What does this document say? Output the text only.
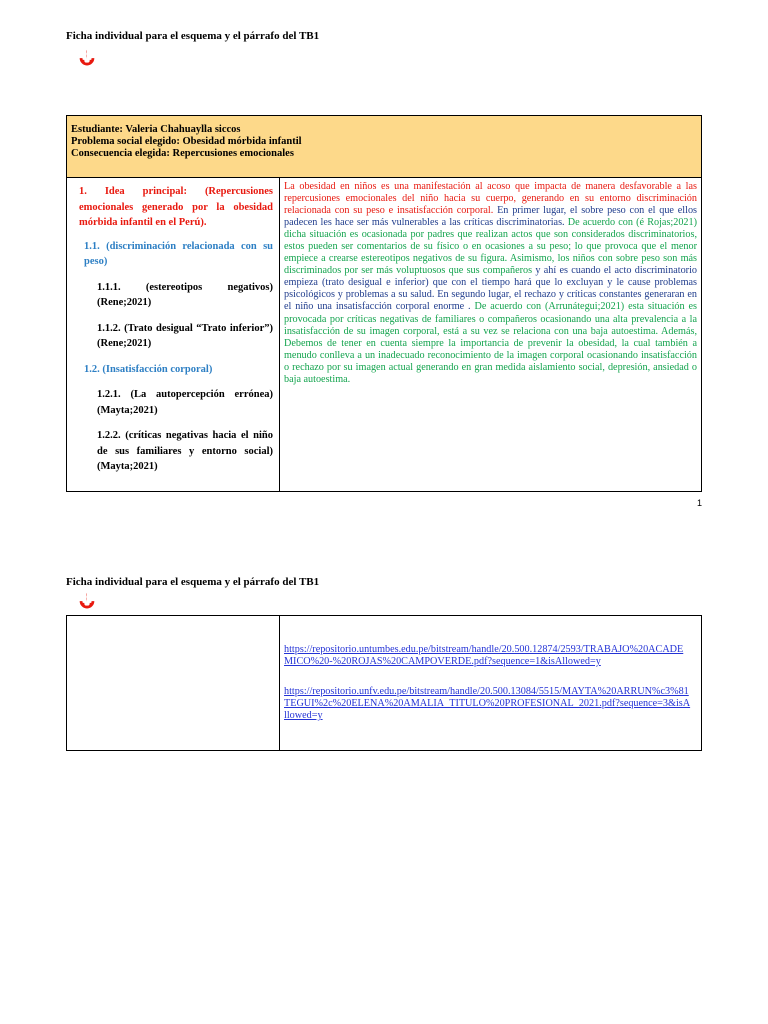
Ficha individual para el esquema y el párrafo del TB1
Estudiante: Valeria Chahuaylla siccos
Problema social elegido: Obesidad mórbida infantil
Consecuencia elegida: Repercusiones emocionales
1. Idea principal: (Repercusiones emocionales generado por la obesidad mórbida infantil en el Perú).
1.1. (discriminación relacionada con su peso)
1.1.1. (estereotipos negativos) (Rene;2021)
1.1.2. (Trato desigual “Trato inferior”) (Rene;2021)
1.2. (Insatisfacción corporal)
1.2.1. (La autopercepción errónea) (Mayta;2021)
1.2.2. (críticas negativas hacia el niño de sus familiares y entorno social) (Mayta;2021)
La obesidad en niños es una manifestación al acoso que impacta de manera desfavorable a las repercusiones emocionales del niño hacia su cuerpo, generando en su entorno discriminación relacionada con su peso e insatisfacción corporal. En primer lugar, el sobre peso con el que ellos padecen les hace ser más vulnerables a las críticas discriminatorias. De acuerdo con (é Rojas;2021) dicha situación es ocasionada por padres que realizan actos que son considerados discriminatorios, estos pueden ser comentarios de su físico o en ocasiones a su peso; lo que provoca que el menor empiece a crearse estereotipos negativos de su figura. Asimismo, los niños con sobre peso son más discriminados por ser más voluptuosos que sus compañeros y ahí es cuando el acto discriminatorio empieza (trato desigual e inferior) que con el tiempo hará que lo excluyan y le cause problemas psicológicos y problemas a su salud. En segundo lugar, el rechazo y críticas constantes generaran en el niño una insatisfacción corporal enorme . De acuerdo con (Arrunátegui;2021) esta situación es provocada por críticas negativas de familiares o compañeros ocasionando una alta prevalencia a la insatisfacción de su imagen corporal, está a su vez se relaciona con una baja autoestima. Además, Debemos de tener en cuenta siempre la importancia de prevenir la obesidad, la cual también a menudo conlleva a un inadecuado reconocimiento de la imagen corporal ocasionando insatisfacción o rechazo por su imagen actual generando en gran medida aislamiento social, depresión, ansiedad o baja autoestima.
1
Ficha individual para el esquema y el párrafo del TB1
https://repositorio.untumbes.edu.pe/bitstream/handle/20.500.12874/2593/TRABAJO%20ACADEMICO%20-%20ROJAS%20CAMPOVERDE.pdf?sequence=1&isAllowed=y
https://repositorio.unfv.edu.pe/bitstream/handle/20.500.13084/5515/MAYTA%20ARRUN%c3%81TEGUI%2c%20ELENA%20AMALIA_TITULO%20PROFESIONAL_2021.pdf?sequence=3&isAllowed=y
